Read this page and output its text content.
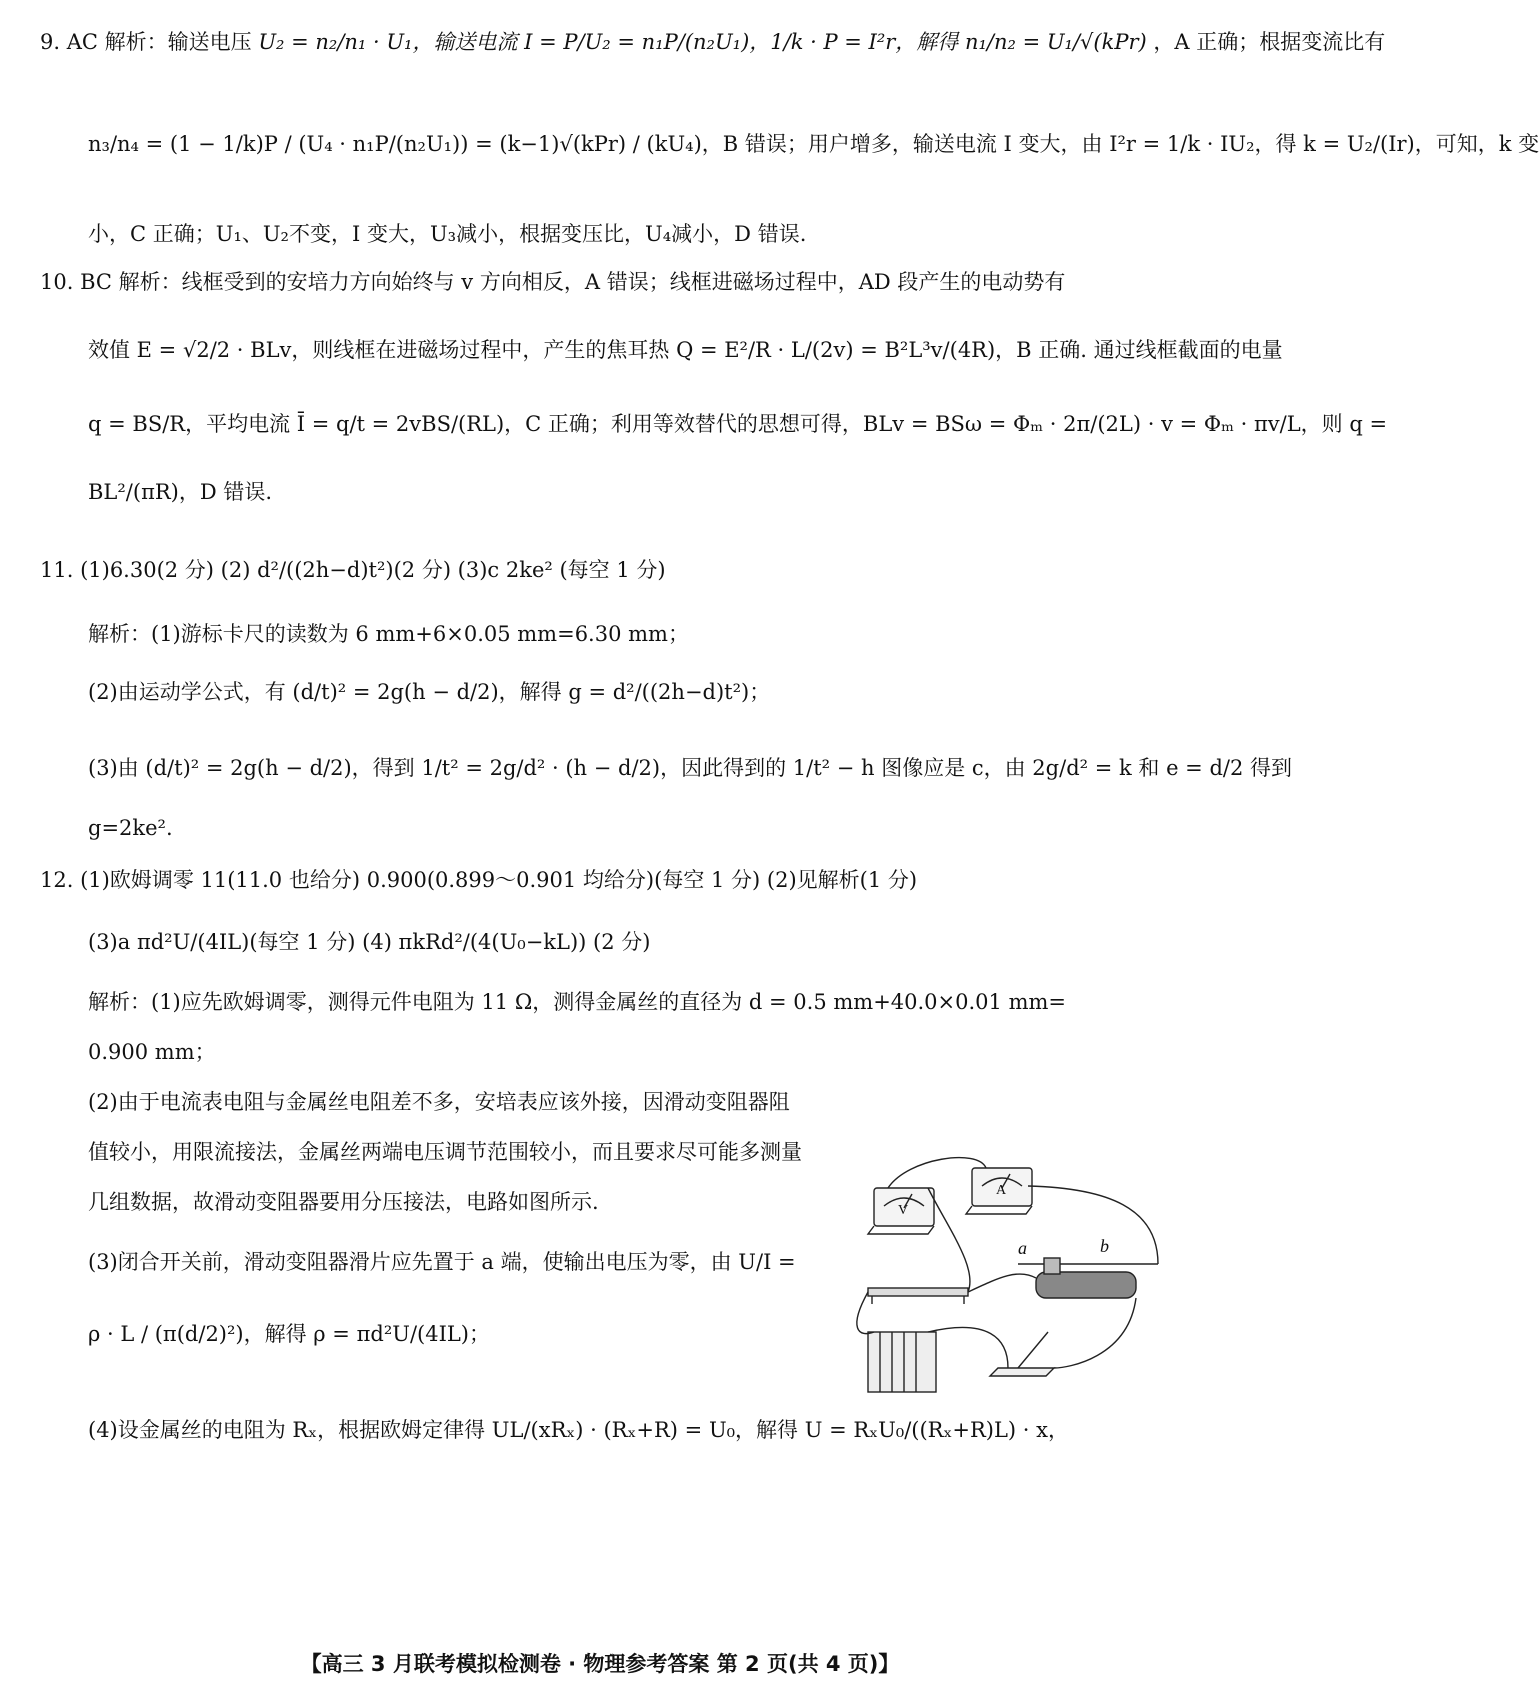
9. AC 解析：输送电压 U₂ = n₂/n₁ · U₁，输送电流 I = P/U₂ = n₁P/(n₂U₁)，1/k · P = I²r，解得 n₁/n₂ = U₁/√(kPr) ，A 正确；根据变流比有
n₃/n₄ = (1 − 1/k)P / (U₄ · n₁P/(n₂U₁)) = (k−1)√(kPr) / (kU₄)，B 错误；用户增多，输送电流 I 变大，由 I²r = 1/k · IU₂，得 k = U₂/(Ir)，可知，k 变
小，C 正确；U₁、U₂不变，I 变大，U₃减小，根据变压比，U₄减小，D 错误.
10. BC 解析：线框受到的安培力方向始终与 v 方向相反，A 错误；线框进磁场过程中，AD 段产生的电动势有
效值 E = √2/2 · BLv，则线框在进磁场过程中，产生的焦耳热 Q = E²/R · L/(2v) = B²L³v/(4R)，B 正确. 通过线框截面的电量
q = BS/R，平均电流 Ī = q/t = 2vBS/(RL)，C 正确；利用等效替代的思想可得，BLv = BSω = Φₘ · 2π/(2L) · v = Φₘ · πv/L，则 q =
BL²/(πR)，D 错误.
11. (1)6.30(2 分) (2) d²/((2h−d)t²)(2 分) (3)c 2ke² (每空 1 分)
解析：(1)游标卡尺的读数为 6 mm+6×0.05 mm=6.30 mm；
(2)由运动学公式，有 (d/t)² = 2g(h − d/2)，解得 g = d²/((2h−d)t²)；
(3)由 (d/t)² = 2g(h − d/2)，得到 1/t² = 2g/d² · (h − d/2)，因此得到的 1/t² − h 图像应是 c，由 2g/d² = k 和 e = d/2 得到
g=2ke².
12. (1)欧姆调零 11(11.0 也给分) 0.900(0.899～0.901 均给分)(每空 1 分) (2)见解析(1 分)
(3)a πd²U/(4IL)(每空 1 分) (4) πkRd²/(4(U₀−kL)) (2 分)
解析：(1)应先欧姆调零，测得元件电阻为 11 Ω，测得金属丝的直径为 d = 0.5 mm+40.0×0.01 mm=
0.900 mm；
(2)由于电流表电阻与金属丝电阻差不多，安培表应该外接，因滑动变阻器阻
值较小，用限流接法，金属丝两端电压调节范围较小，而且要求尽可能多测量
几组数据，故滑动变阻器要用分压接法，电路如图所示.
(3)闭合开关前，滑动变阻器滑片应先置于 a 端，使输出电压为零，由 U/I =
ρ · L / (π(d/2)²)，解得 ρ = πd²U/(4IL)；
(4)设金属丝的电阻为 Rₓ，根据欧姆定律得 UL/(xRₓ) · (Rₓ+R) = U₀，解得 U = RₓU₀/((Rₓ+R)L) · x，
V
A
a	b
【高三 3 月联考模拟检测卷 · 物理参考答案 第 2 页(共 4 页)】
